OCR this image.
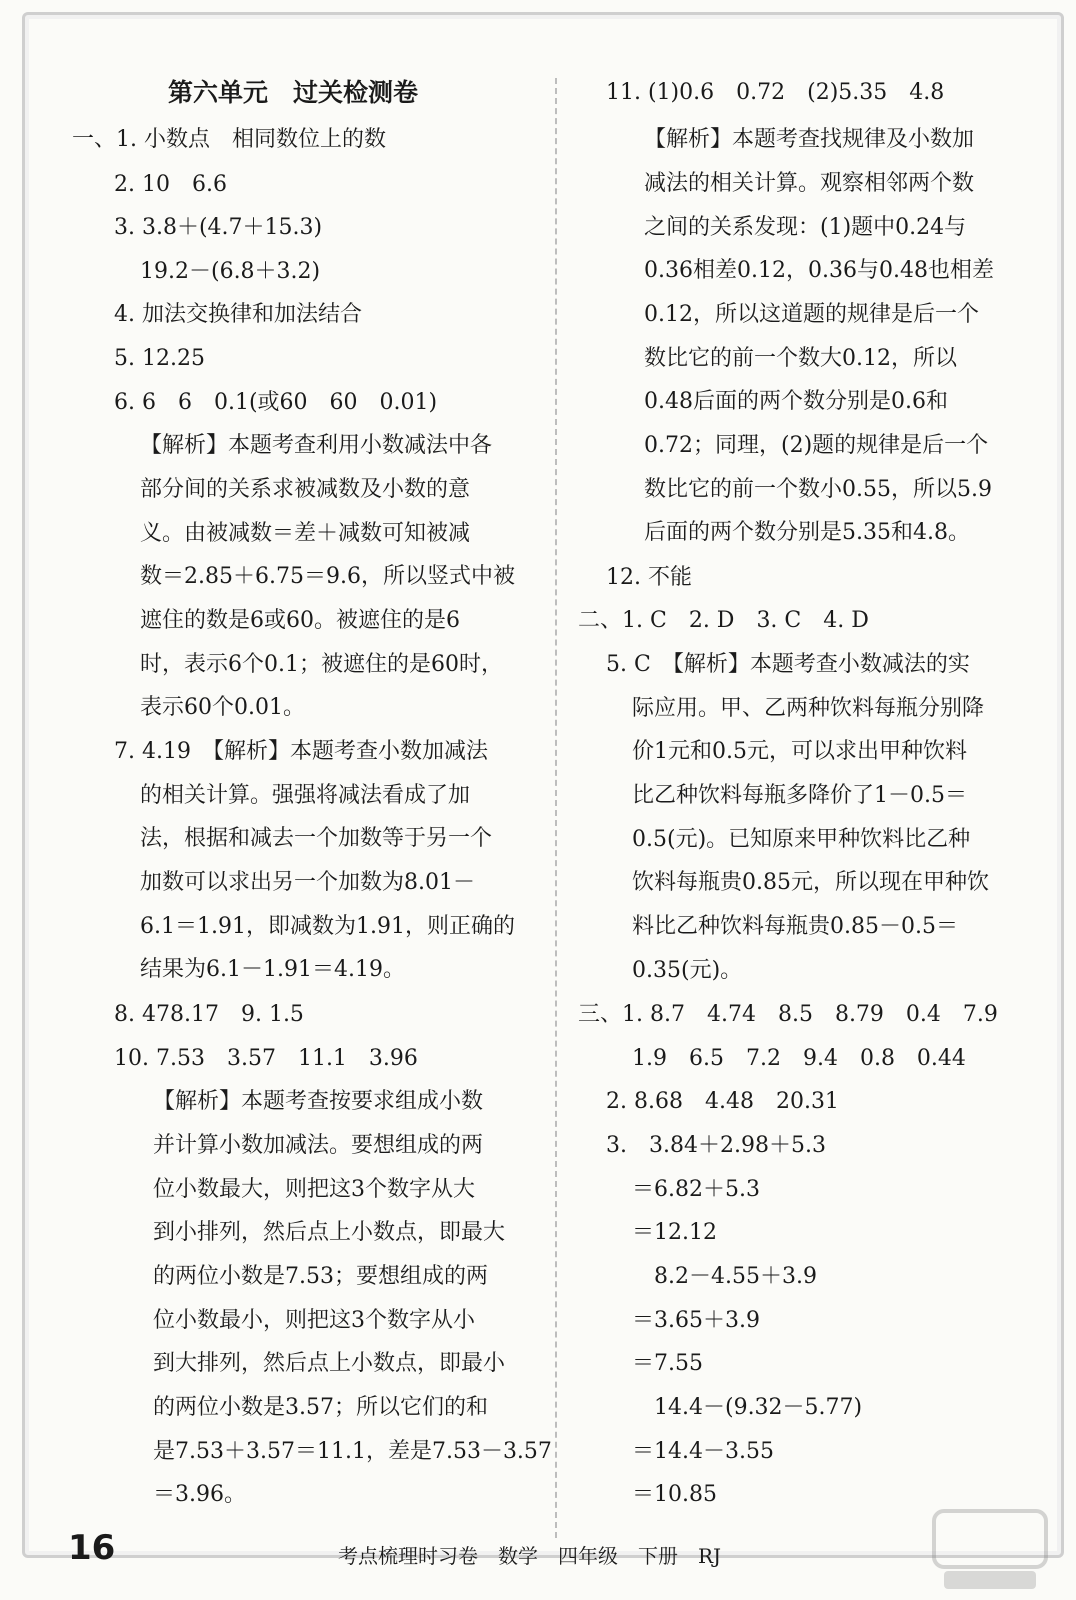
第六单元　过关检测卷
一、1. 小数点　相同数位上的数
2. 10　6.6
3. 3.8＋(4.7＋15.3)
19.2－(6.8＋3.2)
4. 加法交换律和加法结合
5. 12.25
6. 6　6　0.1(或60　60　0.01)
【解析】本题考查利用小数减法中各
部分间的关系求被减数及小数的意
义。由被减数＝差＋减数可知被减
数＝2.85＋6.75＝9.6，所以竖式中被
遮住的数是6或60。被遮住的是6
时，表示6个0.1；被遮住的是60时，
表示60个0.01。
7. 4.19　【解析】本题考查小数加减法
的相关计算。强强将减法看成了加
法，根据和减去一个加数等于另一个
加数可以求出另一个加数为8.01－
6.1＝1.91，即减数为1.91，则正确的
结果为6.1－1.91＝4.19。
8. 478.17　9. 1.5
10. 7.53　3.57　11.1　3.96
【解析】本题考查按要求组成小数
并计算小数加减法。要想组成的两
位小数最大，则把这3个数字从大
到小排列，然后点上小数点，即最大
的两位小数是7.53；要想组成的两
位小数最小，则把这3个数字从小
到大排列，然后点上小数点，即最小
的两位小数是3.57；所以它们的和
是7.53＋3.57＝11.1，差是7.53－3.57
＝3.96。
11. (1)0.6　0.72　(2)5.35　4.8
【解析】本题考查找规律及小数加
减法的相关计算。观察相邻两个数
之间的关系发现：(1)题中0.24与
0.36相差0.12，0.36与0.48也相差
0.12，所以这道题的规律是后一个
数比它的前一个数大0.12，所以
0.48后面的两个数分别是0.6和
0.72；同理，(2)题的规律是后一个
数比它的前一个数小0.55，所以5.9
后面的两个数分别是5.35和4.8。
12. 不能
二、1. C　2. D　3. C　4. D
5. C　【解析】本题考查小数减法的实
际应用。甲、乙两种饮料每瓶分别降
价1元和0.5元，可以求出甲种饮料
比乙种饮料每瓶多降价了1－0.5＝
0.5(元)。已知原来甲种饮料比乙种
饮料每瓶贵0.85元，所以现在甲种饮
料比乙种饮料每瓶贵0.85－0.5＝
0.35(元)。
三、1. 8.7　4.74　8.5　8.79　0.4　7.9
1.9　6.5　7.2　9.4　0.8　0.44
2. 8.68　4.48　20.31
3.　3.84＋2.98＋5.3
＝6.82＋5.3
＝12.12
8.2－4.55＋3.9
＝3.65＋3.9
＝7.55
14.4－(9.32－5.77)
＝14.4－3.55
＝10.85
16	考点梳理时习卷　数学　四年级　下册　RJ
